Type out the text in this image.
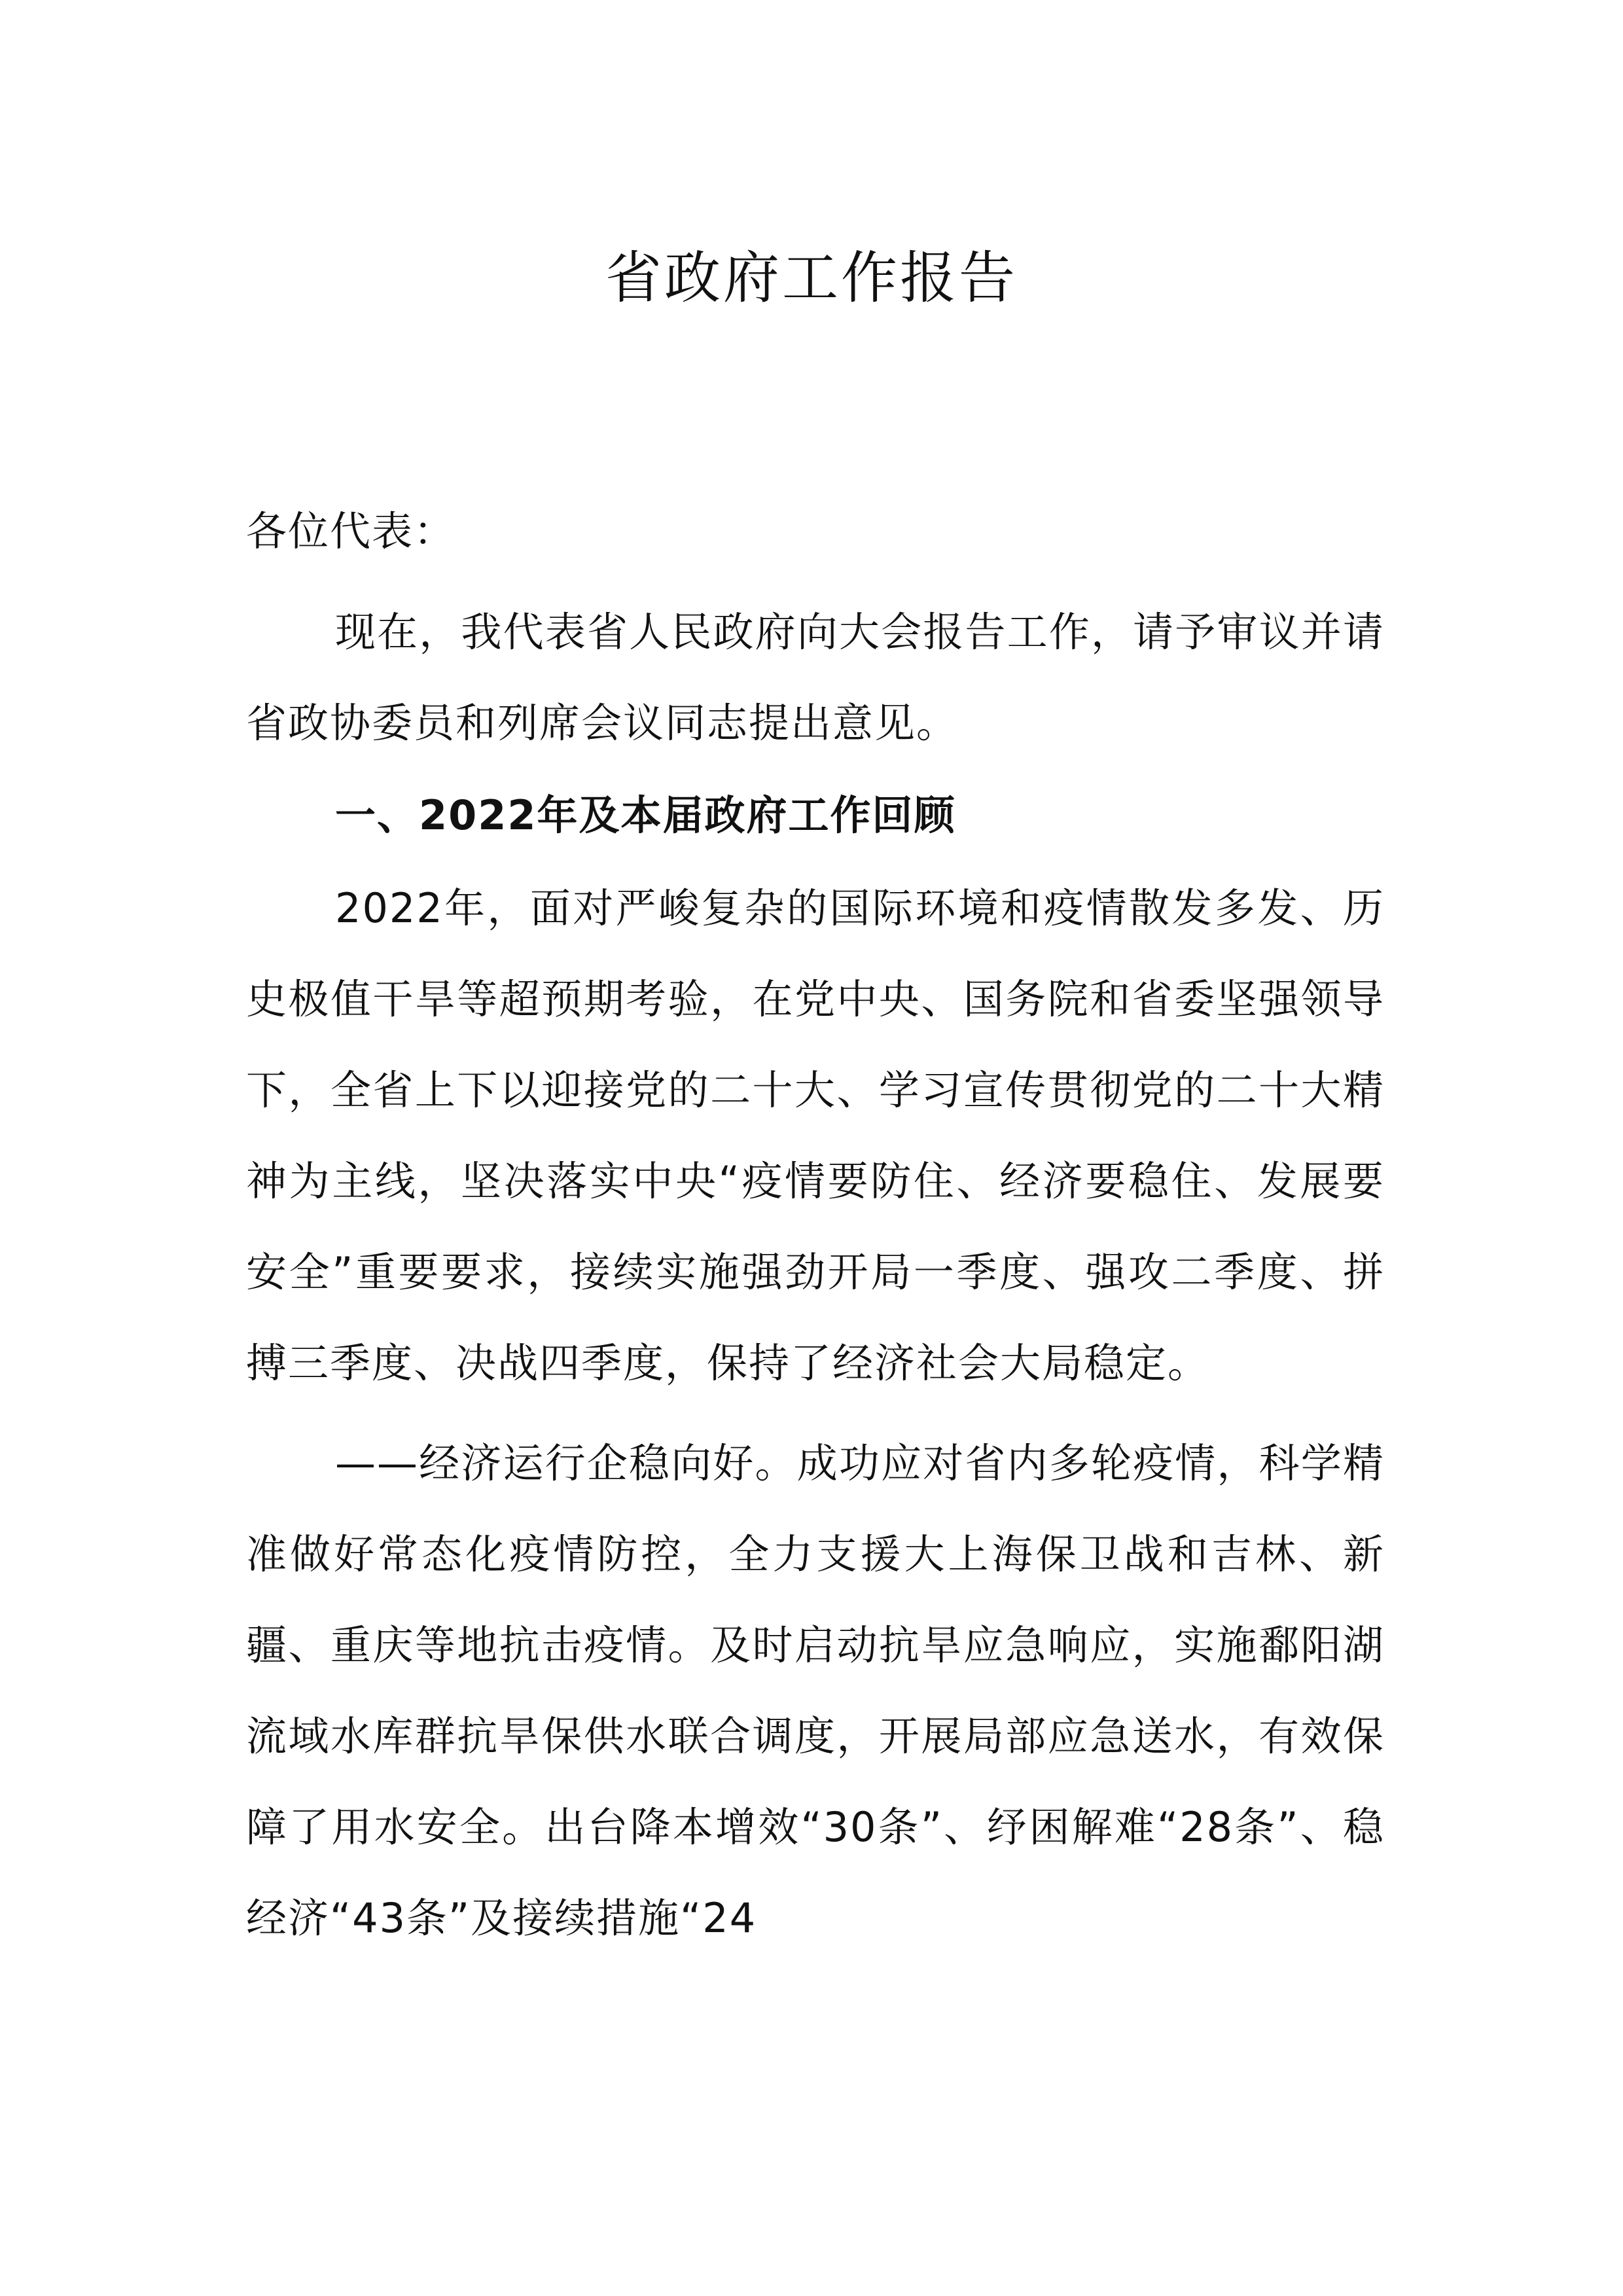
省政府工作报告

各位代表：

现在，我代表省人民政府向大会报告工作，请予审议并请省政协委员和列席会议同志提出意见。

一、2022年及本届政府工作回顾

2022年，面对严峻复杂的国际环境和疫情散发多发、历史极值干旱等超预期考验，在党中央、国务院和省委坚强领导下，全省上下以迎接党的二十大、学习宣传贯彻党的二十大精神为主线，坚决落实中央“疫情要防住、经济要稳住、发展要安全”重要要求，接续实施强劲开局一季度、强攻二季度、拼搏三季度、决战四季度，保持了经济社会大局稳定。

——经济运行企稳向好。成功应对省内多轮疫情，科学精准做好常态化疫情防控，全力支援大上海保卫战和吉林、新疆、重庆等地抗击疫情。及时启动抗旱应急响应，实施鄱阳湖流域水库群抗旱保供水联合调度，开展局部应急送水，有效保障了用水安全。出台降本增效“30条”、纾困解难“28条”、稳经济“43条”及接续措施“24
